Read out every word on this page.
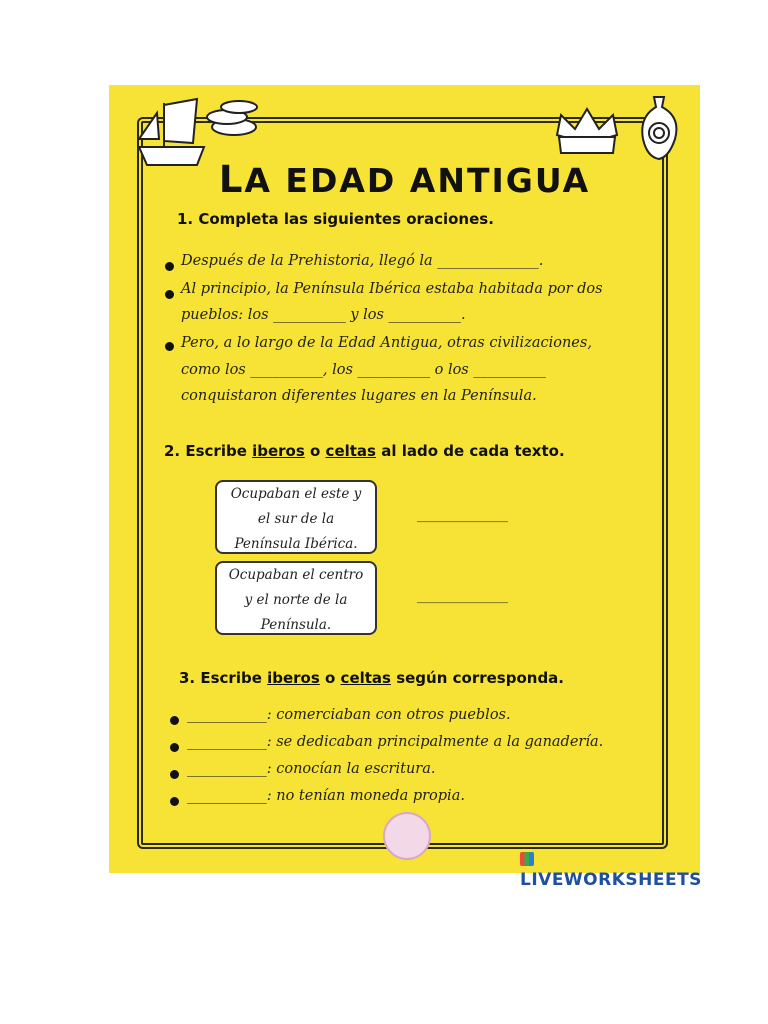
LA EDAD ANTIGUA
1. Completa las siguientes oraciones.
Después de la Prehistoria, llegó la ______________.
Al principio, la Península Ibérica estaba habitada por dos
pueblos: los __________ y los __________.
Pero, a lo largo de la Edad Antigua, otras civilizaciones,
como los __________, los __________ o los __________
conquistaron diferentes lugares en la Península.
2. Escribe iberos o celtas al lado de cada texto.
Ocupaban el este y
el sur de la
Península Ibérica.
_____________
Ocupaban el centro
y el norte de la
Península.
_____________
3. Escribe iberos o celtas según corresponda.
___________: comerciaban con otros pueblos.
___________: se dedicaban principalmente a la ganadería.
___________: conocían la escritura.
___________: no tenían moneda propia.
LIVEWORKSHEETS
